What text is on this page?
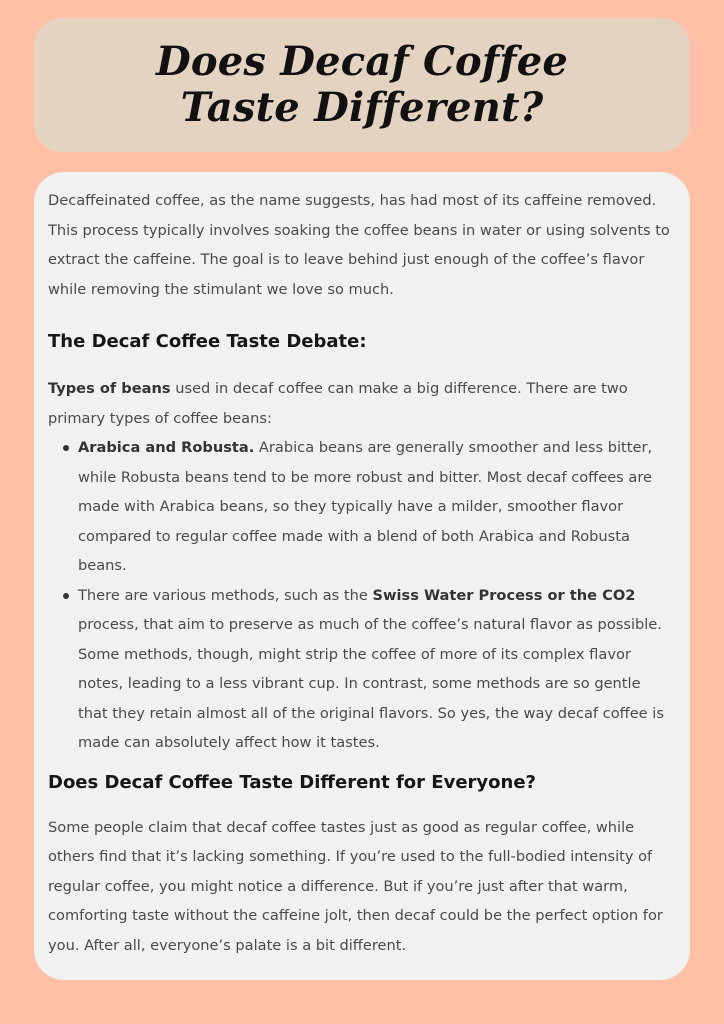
Does Decaf Coffee Taste Different?

Decaffeinated coffee, as the name suggests, has had most of its caffeine removed. This process typically involves soaking the coffee beans in water or using solvents to extract the caffeine. The goal is to leave behind just enough of the coffee’s flavor while removing the stimulant we love so much.

The Decaf Coffee Taste Debate:

Types of beans used in decaf coffee can make a big difference. There are two primary types of coffee beans:

Arabica and Robusta. Arabica beans are generally smoother and less bitter, while Robusta beans tend to be more robust and bitter. Most decaf coffees are made with Arabica beans, so they typically have a milder, smoother flavor compared to regular coffee made with a blend of both Arabica and Robusta beans.
There are various methods, such as the Swiss Water Process or the CO2 process, that aim to preserve as much of the coffee’s natural flavor as possible. Some methods, though, might strip the coffee of more of its complex flavor notes, leading to a less vibrant cup. In contrast, some methods are so gentle that they retain almost all of the original flavors. So yes, the way decaf coffee is made can absolutely affect how it tastes.
Does Decaf Coffee Taste Different for Everyone?

Some people claim that decaf coffee tastes just as good as regular coffee, while others find that it’s lacking something. If you’re used to the full-bodied intensity of regular coffee, you might notice a difference. But if you’re just after that warm, comforting taste without the caffeine jolt, then decaf could be the perfect option for you. After all, everyone’s palate is a bit different.
